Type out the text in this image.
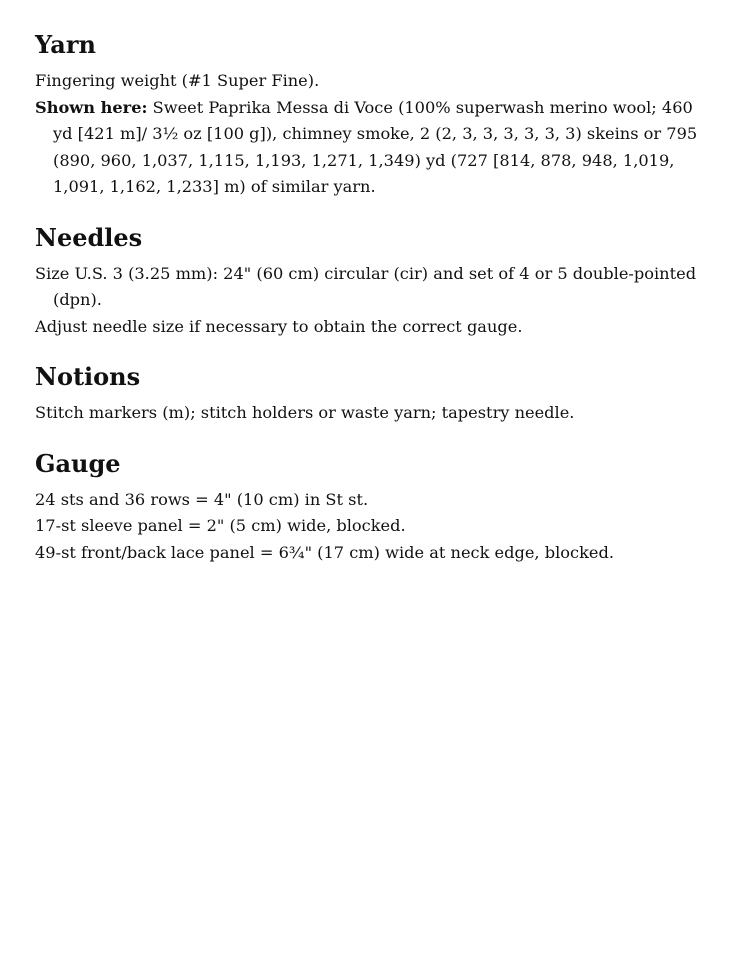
Yarn

Fingering weight (#1 Super Fine).

Shown here: Sweet Paprika Messa di Voce (100% superwash merino wool; 460 yd [421 m]/ 3½ oz [100 g]), chimney smoke, 2 (2, 3, 3, 3, 3, 3, 3) skeins or 795 (890, 960, 1,037, 1,115, 1,193, 1,271, 1,349) yd (727 [814, 878, 948, 1,019, 1,091, 1,162, 1,233] m) of similar yarn.

Needles

Size U.S. 3 (3.25 mm): 24" (60 cm) circular (cir) and set of 4 or 5 double-pointed (dpn).

Adjust needle size if necessary to obtain the correct gauge.

Notions

Stitch markers (m); stitch holders or waste yarn; tapestry needle.

Gauge

24 sts and 36 rows = 4" (10 cm) in St st.

17-st sleeve panel = 2" (5 cm) wide, blocked.

49-st front/back lace panel = 6¾" (17 cm) wide at neck edge, blocked.
